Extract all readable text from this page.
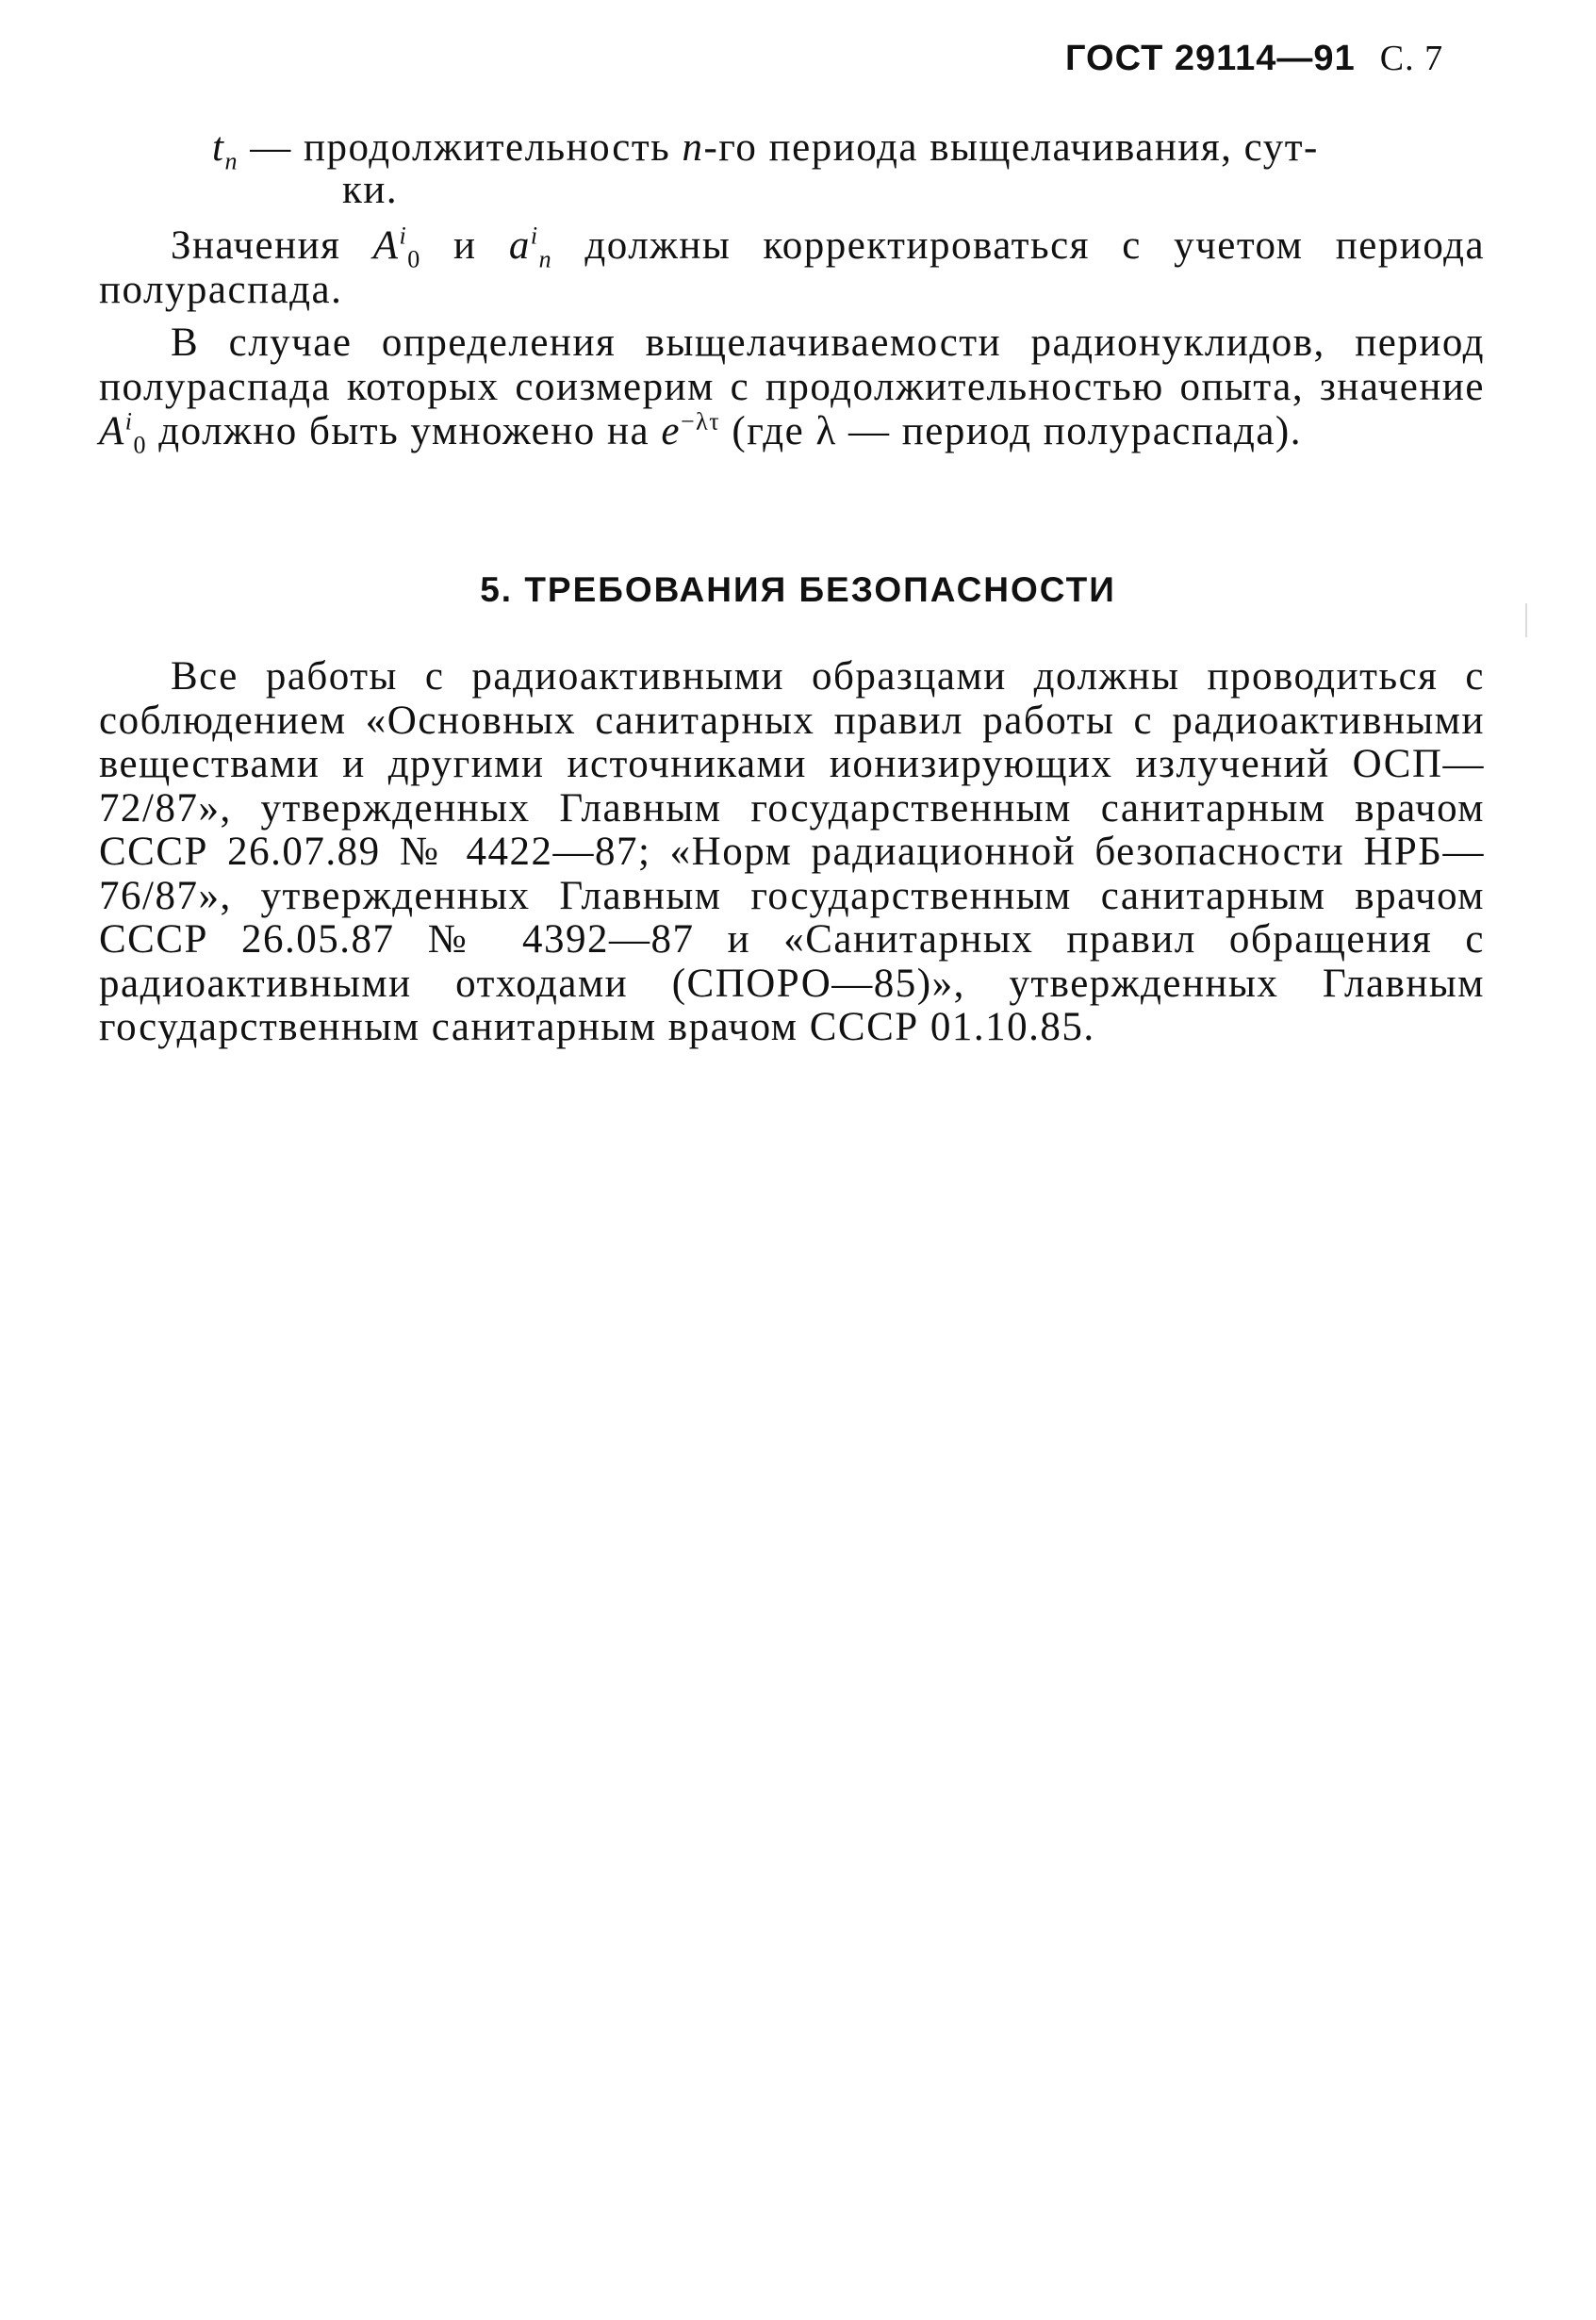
ГОСТ 29114—91 С. 7
$t_n$ — продолжительность n-го периода выщелачивания, сут-
ки.
Значения $A^i_0$ и $a^i_n$ должны корректироваться с учетом периода полураспада.
В случае определения выщелачиваемости радионуклидов, период полураспада которых соизмерим с продолжительностью опыта, значение $A^i_0$ должно быть умножено на $e^{-\lambda\tau}$ (где λ — период полураспада).
5. ТРЕБОВАНИЯ БЕЗОПАСНОСТИ
Все работы с радиоактивными образцами должны проводиться с соблюдением «Основных санитарных правил работы с радиоактивными веществами и другими источниками ионизирующих излучений ОСП—72/87», утвержденных Главным государственным санитарным врачом СССР 26.07.89 № 4422—87; «Норм радиационной безопасности НРБ—76/87», утвержденных Главным государственным санитарным врачом СССР 26.05.87 № 4392—87 и «Санитарных правил обращения с радиоактивными отходами (СПОРО—85)», утвержденных Главным государственным санитарным врачом СССР 01.10.85.
